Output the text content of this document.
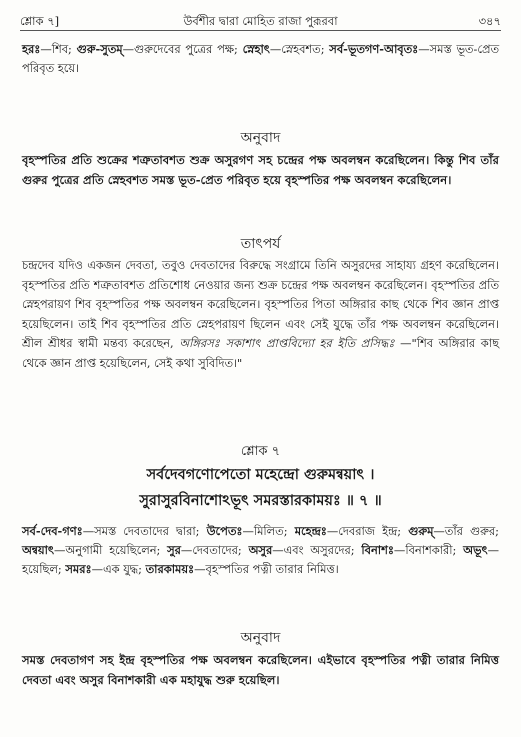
শ্লোক ৭]	উর্বশীর দ্বারা মোহিত রাজা পুরূরবা	৩৪৭
হরঃ—শিব; গুরু-সুতম্—গুরুদেবের পুত্রের পক্ষ; স্নেহাৎ—স্নেহবশত; সর্ব-ভূতগণ-আবৃতঃ—সমস্ত ভূত-প্রেত পরিবৃত হয়ে।
অনুবাদ
বৃহস্পতির প্রতি শুক্রের শত্রুতাবশত শুক্র অসুরগণ সহ চন্দ্রের পক্ষ অবলম্বন করেছিলেন। কিন্তু শিব তাঁর গুরুর পুত্রের প্রতি স্নেহবশত সমস্ত ভূত-প্রেত পরিবৃত হয়ে বৃহস্পতির পক্ষ অবলম্বন করেছিলেন।
তাৎপর্য
চন্দ্রদেব যদিও একজন দেবতা, তবুও দেবতাদের বিরুদ্ধে সংগ্রামে তিনি অসুরদের সাহায্য গ্রহণ করেছিলেন। বৃহস্পতির প্রতি শত্রুতাবশত প্রতিশোধ নেওয়ার জন্য শুক্র চন্দ্রের পক্ষ অবলম্বন করেছিলেন। বৃহস্পতির প্রতি স্নেহপরায়ণ শিব বৃহস্পতির পক্ষ অবলম্বন করেছিলেন। বৃহস্পতির পিতা অঙ্গিরার কাছ থেকে শিব জ্ঞান প্রাপ্ত হয়েছিলেন। তাই শিব বৃহস্পতির প্রতি স্নেহপরায়ণ ছিলেন এবং সেই যুদ্ধে তাঁর পক্ষ অবলম্বন করেছিলেন। শ্রীল শ্রীধর স্বামী মন্তব্য করেছেন, অঙ্গিরসঃ সকাশাৎ প্রাপ্তবিদ্যো হর ইতি প্রসিদ্ধঃ —"শিব অঙ্গিরার কাছ থেকে জ্ঞান প্রাপ্ত হয়েছিলেন, সেই কথা সুবিদিত।"
শ্লোক ৭
সর্বদেবগণোপেতো মহেন্দ্রো গুরুমন্বয়াৎ ।
সুরাসুরবিনাশোঽভূৎ সমরস্তারকাময়ঃ ॥ ৭ ॥
সর্ব-দেব-গণঃ—সমস্ত দেবতাদের দ্বারা; উপেতঃ—মিলিত; মহেন্দ্রঃ—দেবরাজ ইন্দ্র; গুরুম্—তাঁর গুরুর; অন্বয়াৎ—অনুগামী হয়েছিলেন; সুর—দেবতাদের; অসুর—এবং অসুরদের; বিনাশঃ—বিনাশকারী; অভূৎ—হয়েছিল; সমরঃ—এক যুদ্ধ; তারকাময়ঃ—বৃহস্পতির পত্নী তারার নিমিত্ত।
অনুবাদ
সমস্ত দেবতাগণ সহ ইন্দ্র বৃহস্পতির পক্ষ অবলম্বন করেছিলেন। এইভাবে বৃহস্পতির পত্নী তারার নিমিত্ত দেবতা এবং অসুর বিনাশকারী এক মহাযুদ্ধ শুরু হয়েছিল।
